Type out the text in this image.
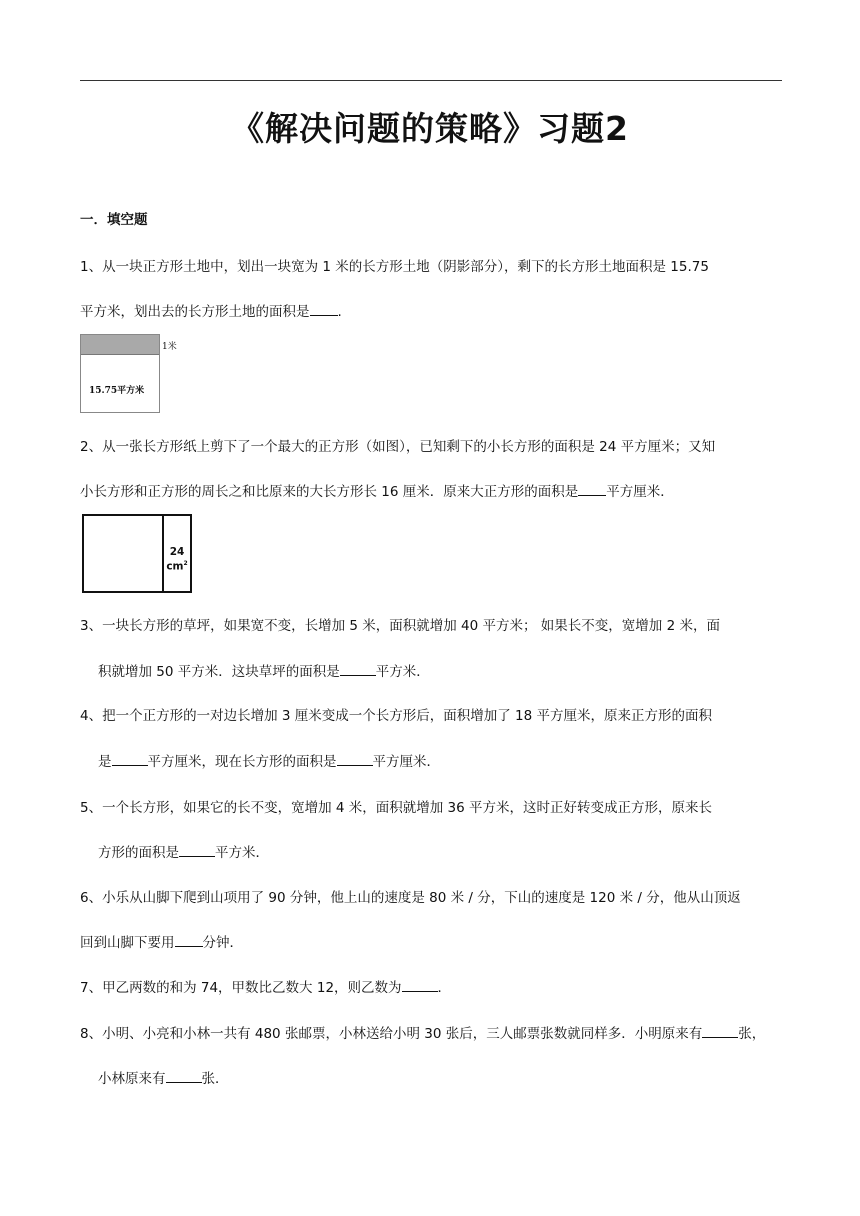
《解决问题的策略》习题2
一．填空题
1、从一块正方形土地中，划出一块宽为 1 米的长方形土地（阴影部分），剩下的长方形土地面积是 15.75
平方米，划出去的长方形土地的面积是 .
15.75平方米
1米
2、从一张长方形纸上剪下了一个最大的正方形（如图），已知剩下的小长方形的面积是 24 平方厘米；又知
小长方形和正方形的周长之和比原来的大长方形长 16 厘米．原来大正方形的面积是 平方厘米．
24
$cm^2$
3、一块长方形的草坪，如果宽不变，长增加 5 米，面积就增加 40 平方米； 如果长不变，宽增加 2 米，面
积就增加 50 平方米．这块草坪的面积是	平方米．
4、把一个正方形的一对边长增加 3 厘米变成一个长方形后，面积增加了 18 平方厘米，原来正方形的面积
是	平方厘米，现在长方形的面积是	平方厘米．
5、一个长方形，如果它的长不变，宽增加 4 米，面积就增加 36 平方米，这时正好转变成正方形，原来长
方形的面积是	平方米．
6、小乐从山脚下爬到山项用了 90 分钟，他上山的速度是 80 米 / 分，下山的速度是 120 米 / 分，他从山顶返
回到山脚下要用 分钟．
7、甲乙两数的和为 74，甲数比乙数大 12，则乙数为	．
8、小明、小亮和小林一共有 480 张邮票，小林送给小明 30 张后，三人邮票张数就同样多．小明原来有	张，
小林原来有	张．
